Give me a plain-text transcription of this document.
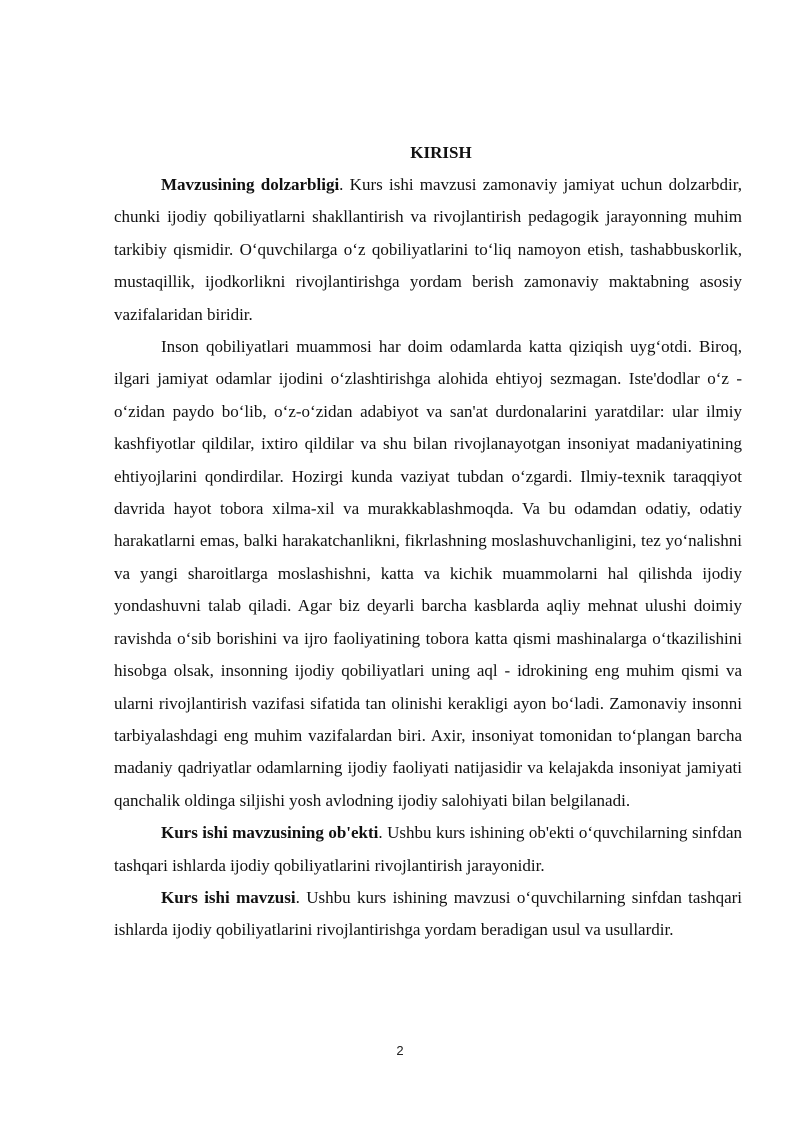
KIRISH

Mavzusining dolzarbligi. Kurs ishi mavzusi zamonaviy jamiyat uchun dolzarbdir, chunki ijodiy qobiliyatlarni shakllantirish va rivojlantirish pedagogik jarayonning muhim tarkibiy qismidir. O‘quvchilarga o‘z qobiliyatlarini to‘liq namoyon etish, tashabbuskorlik, mustaqillik, ijodkorlikni rivojlantirishga yordam berish zamonaviy maktabning asosiy vazifalaridan biridir.

Inson qobiliyatlari muammosi har doim odamlarda katta qiziqish uyg‘otdi. Biroq, ilgari jamiyat odamlar ijodini o‘zlashtirishga alohida ehtiyoj sezmagan. Iste'dodlar o‘z - o‘zidan paydo bo‘lib, o‘z-o‘zidan adabiyot va san'at durdonalarini yaratdilar: ular ilmiy kashfiyotlar qildilar, ixtiro qildilar va shu bilan rivojlanayotgan insoniyat madaniyatining ehtiyojlarini qondirdilar. Hozirgi kunda vaziyat tubdan o‘zgardi. Ilmiy-texnik taraqqiyot davrida hayot tobora xilma-xil va murakkablashmoqda. Va bu odamdan odatiy, odatiy harakatlarni emas, balki harakatchanlikni, fikrlashning moslashuvchanligini, tez yo‘nalishni va yangi sharoitlarga moslashishni, katta va kichik muammolarni hal qilishda ijodiy yondashuvni talab qiladi. Agar biz deyarli barcha kasblarda aqliy mehnat ulushi doimiy ravishda o‘sib borishini va ijro faoliyatining tobora katta qismi mashinalarga o‘tkazilishini hisobga olsak, insonning ijodiy qobiliyatlari uning aql - idrokining eng muhim qismi va ularni rivojlantirish vazifasi sifatida tan olinishi kerakligi ayon bo‘ladi. Zamonaviy insonni tarbiyalashdagi eng muhim vazifalardan biri. Axir, insoniyat tomonidan to‘plangan barcha madaniy qadriyatlar odamlarning ijodiy faoliyati natijasidir va kelajakda insoniyat jamiyati qanchalik oldinga siljishi yosh avlodning ijodiy salohiyati bilan belgilanadi.

Kurs ishi mavzusining ob'ekti. Ushbu kurs ishining ob'ekti o‘quvchilarning sinfdan tashqari ishlarda ijodiy qobiliyatlarini rivojlantirish jarayonidir.

Kurs ishi mavzusi. Ushbu kurs ishining mavzusi o‘quvchilarning sinfdan tashqari ishlarda ijodiy qobiliyatlarini rivojlantirishga yordam beradigan usul va usullardir.

2
